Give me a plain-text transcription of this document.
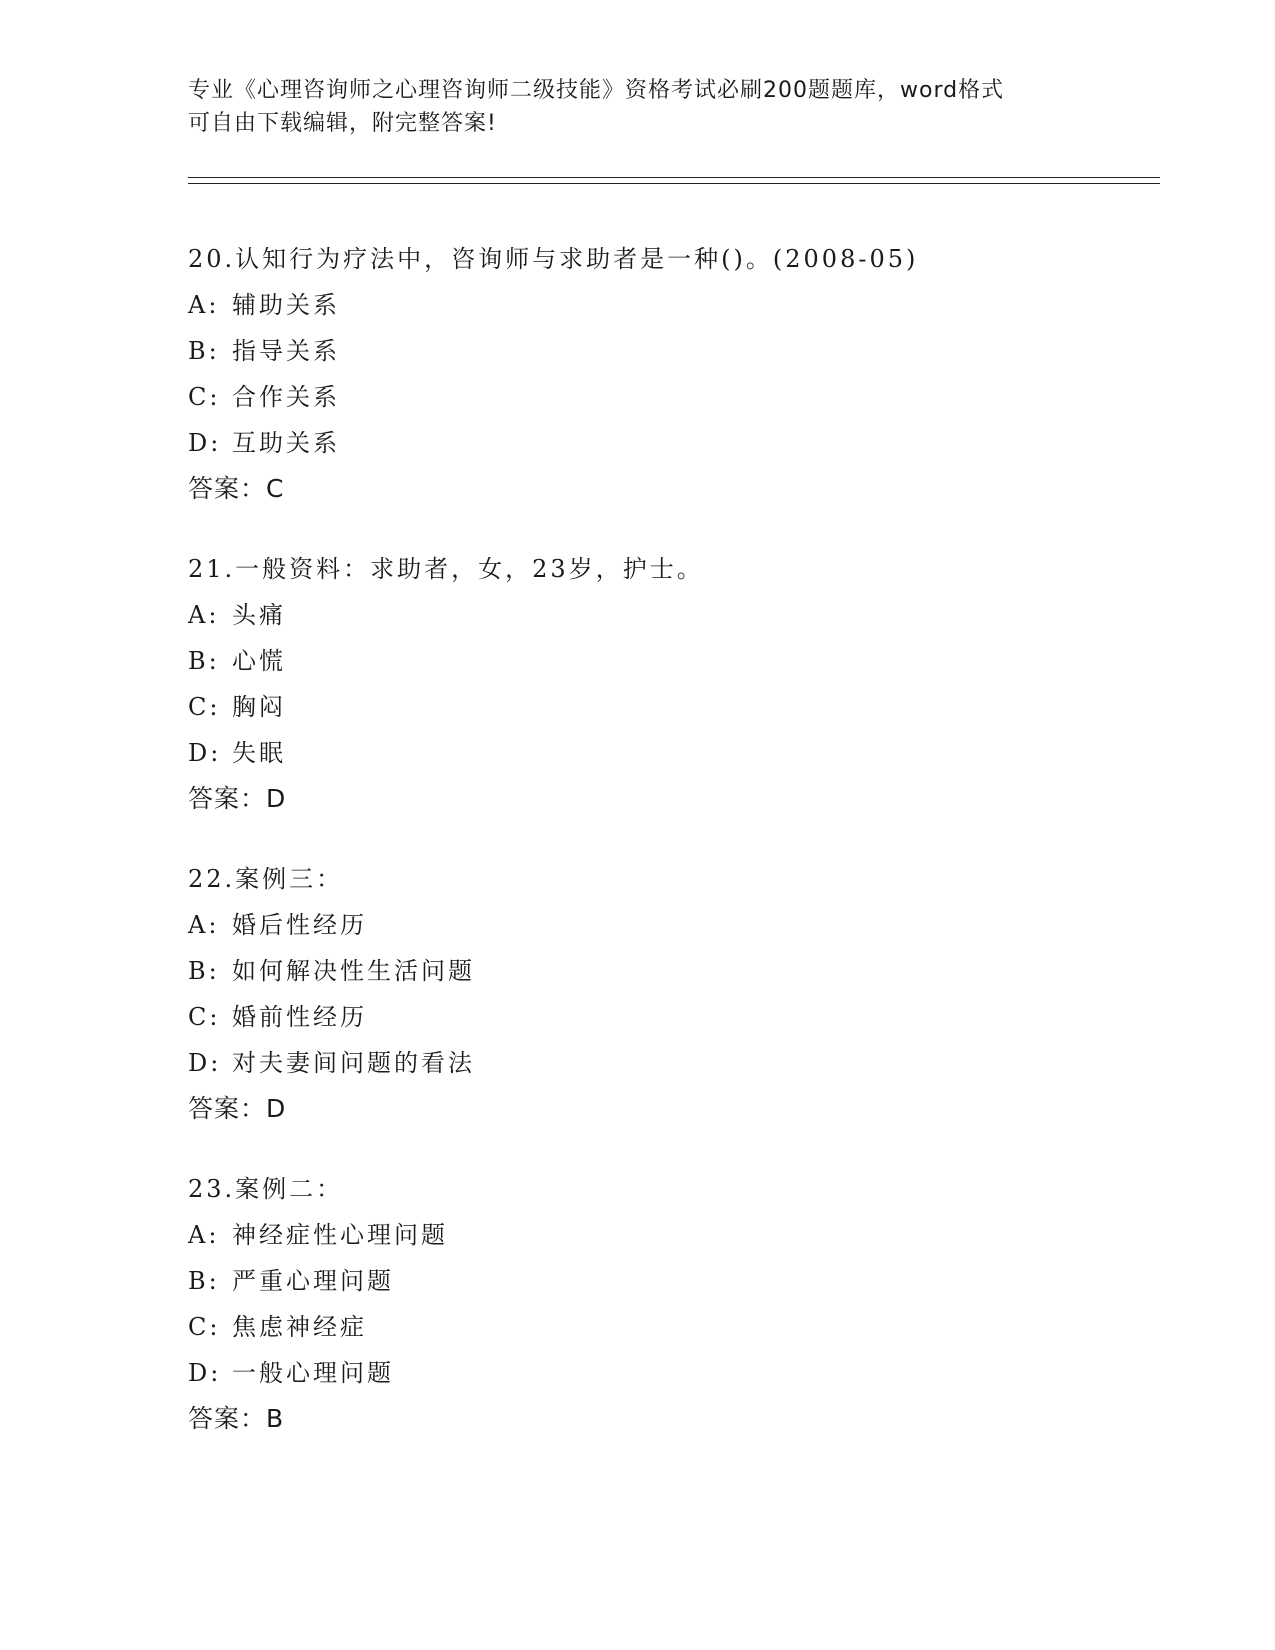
专业《心理咨询师之心理咨询师二级技能》资格考试必刷200题题库，word格式
可自由下载编辑，附完整答案!
20.认知行为疗法中，咨询师与求助者是一种()。(2008-05)
A: 辅助关系
B: 指导关系
C: 合作关系
D: 互助关系
答案：C
21.一般资料：求助者，女，23岁，护士。
A: 头痛
B: 心慌
C: 胸闷
D: 失眠
答案：D
22.案例三：
A: 婚后性经历
B: 如何解决性生活问题
C: 婚前性经历
D: 对夫妻间问题的看法
答案：D
23.案例二：
A: 神经症性心理问题
B: 严重心理问题
C: 焦虑神经症
D: 一般心理问题
答案：B
